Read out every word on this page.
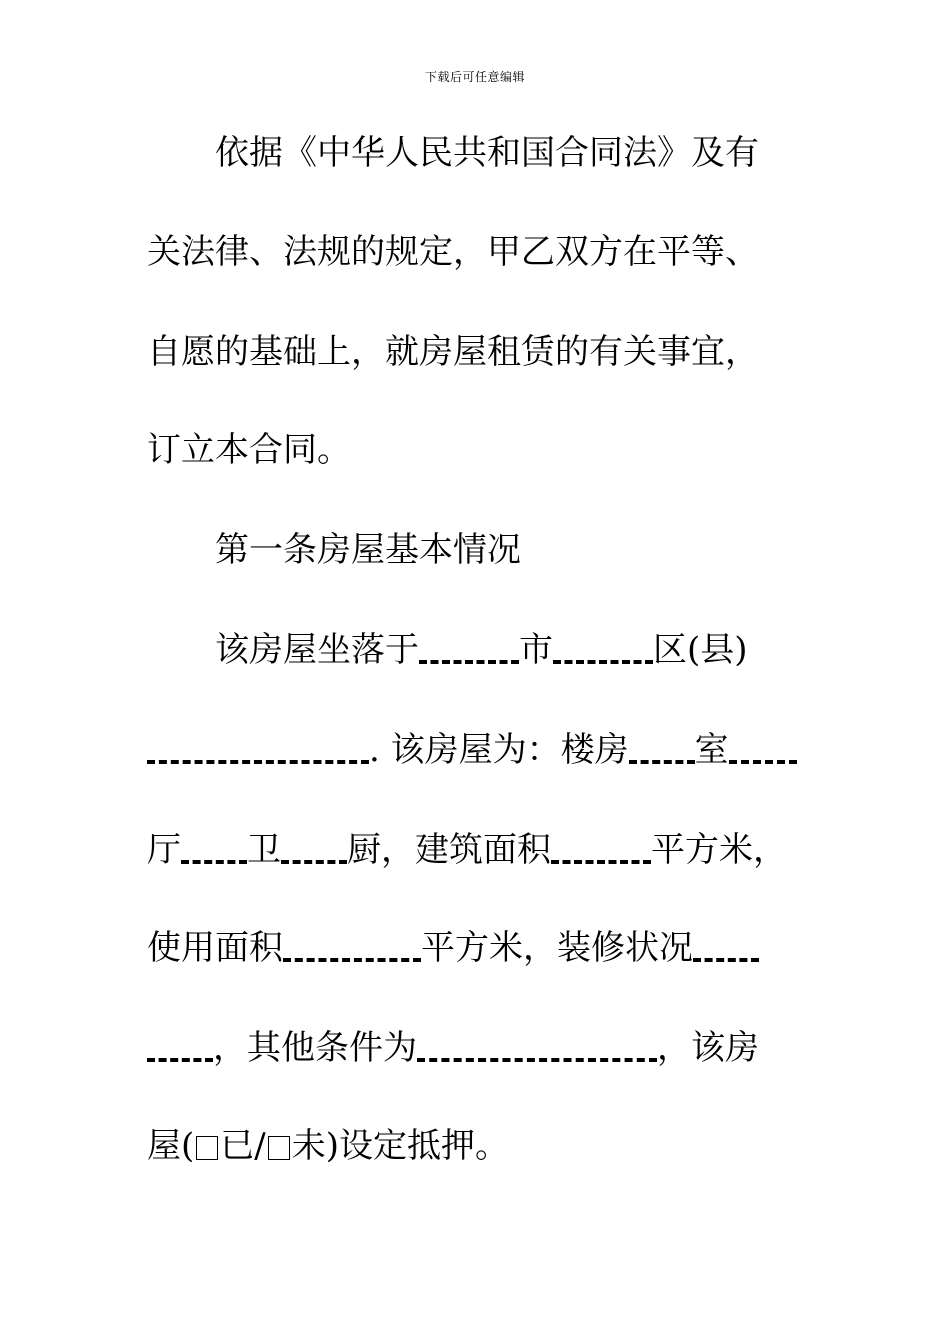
下载后可任意编辑
依据《中华人民共和国合同法》及有
关法律、法规的规定，甲乙双方在平等、
自愿的基础上，就房屋租赁的有关事宜，
订立本合同。
第一条房屋基本情况
该房屋坐落于	市	区(县)
. 该房屋为：楼房 室
厅 卫 厨，建筑面积	平方米，
使用面积	平方米，装修状况
，其他条件为	，该房
屋( 已/ 未)设定抵押。
